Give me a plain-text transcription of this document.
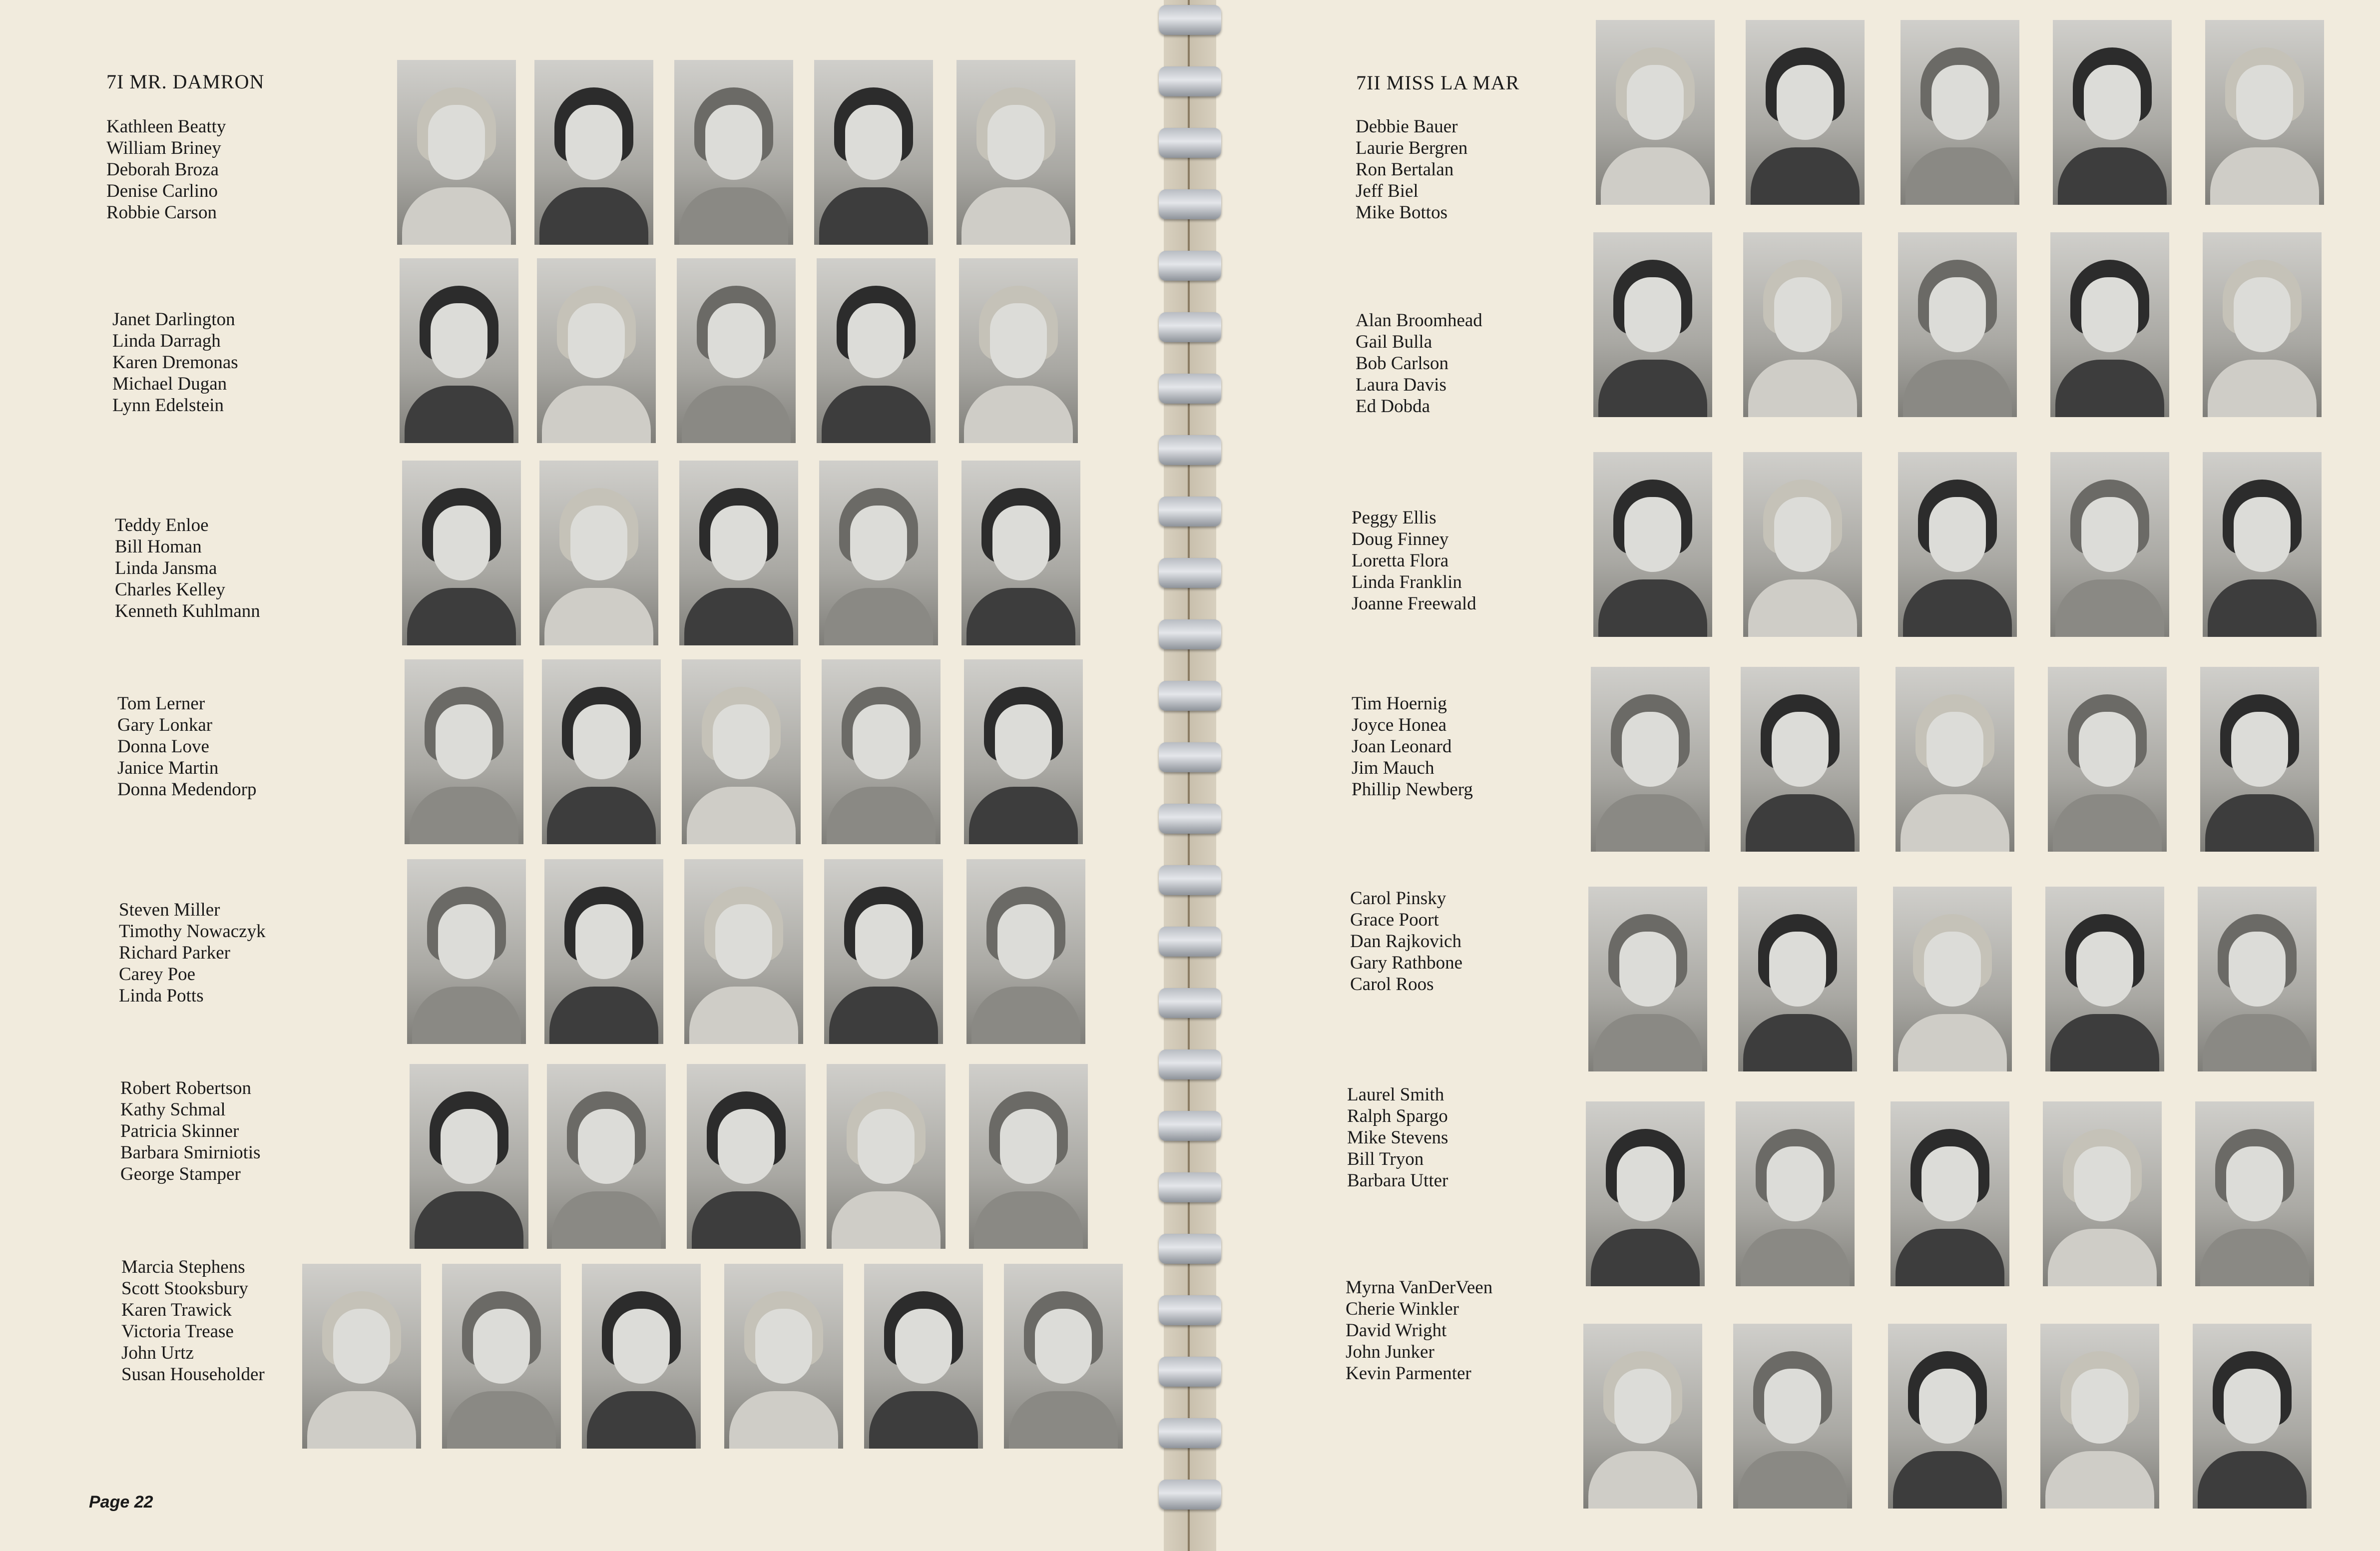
7I MR. DAMRON	7II MISS LA MAR
Kathleen Beatty
William Briney
Deborah Broza
Denise Carlino
Robbie Carson
Janet Darlington
Linda Darragh
Karen Dremonas
Michael Dugan
Lynn Edelstein
Teddy Enloe
Bill Homan
Linda Jansma
Charles Kelley
Kenneth Kuhlmann
Tom Lerner
Gary Lonkar
Donna Love
Janice Martin
Donna Medendorp
Steven Miller
Timothy Nowaczyk
Richard Parker
Carey Poe
Linda Potts
Robert Robertson
Kathy Schmal
Patricia Skinner
Barbara Smirniotis
George Stamper
Marcia Stephens
Scott Stooksbury
Karen Trawick
Victoria Trease
John Urtz
Susan Householder
Debbie Bauer
Laurie Bergren
Ron Bertalan
Jeff Biel
Mike Bottos
Alan Broomhead
Gail Bulla
Bob Carlson
Laura Davis
Ed Dobda
Peggy Ellis
Doug Finney
Loretta Flora
Linda Franklin
Joanne Freewald
Tim Hoernig
Joyce Honea
Joan Leonard
Jim Mauch
Phillip Newberg
Carol Pinsky
Grace Poort
Dan Rajkovich
Gary Rathbone
Carol Roos
Laurel Smith
Ralph Spargo
Mike Stevens
Bill Tryon
Barbara Utter
Myrna VanDerVeen
Cherie Winkler
David Wright
John Junker
Kevin Parmenter
Page 22
